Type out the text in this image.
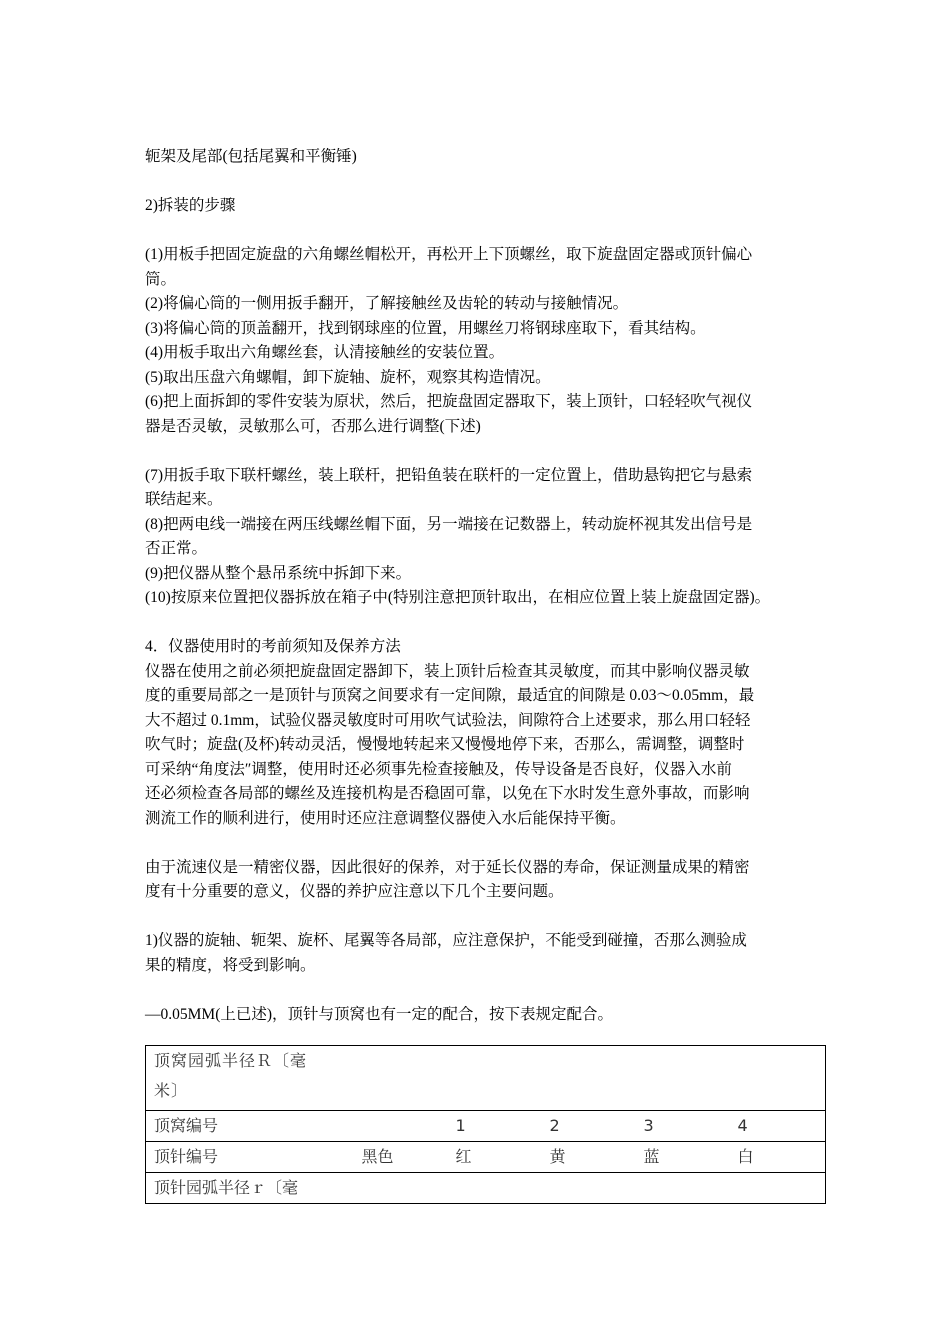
轭架及尾部(包括尾翼和平衡锤)
2)拆装的步骤
(1)用板手把固定旋盘的六角螺丝帽松开，再松开上下顶螺丝，取下旋盘固定器或顶针偏心
筒。
(2)将偏心筒的一侧用扳手翻开，了解接触丝及齿轮的转动与接触情况。
(3)将偏心筒的顶盖翻开，找到钢球座的位置，用螺丝刀将钢球座取下，看其结构。
(4)用板手取出六角螺丝套，认清接触丝的安装位置。
(5)取出压盘六角螺帽，卸下旋轴、旋杯，观察其构造情况。
(6)把上面拆卸的零件安装为原状，然后，把旋盘固定器取下，装上顶针，口轻轻吹气视仪
器是否灵敏，灵敏那么可，否那么进行调整(下述)
(7)用扳手取下联杆螺丝，装上联杆，把铅鱼装在联杆的一定位置上，借助悬钩把它与悬索
联结起来。
(8)把两电线一端接在两压线螺丝帽下面，另一端接在记数器上，转动旋杯视其发出信号是
否正常。
(9)把仪器从整个悬吊系统中拆卸下来。
(10)按原来位置把仪器拆放在箱子中(特别注意把顶针取出，在相应位置上装上旋盘固定器)。
4．仪器使用时的考前须知及保养方法
仪器在使用之前必须把旋盘固定器卸下，装上顶针后检查其灵敏度，而其中影响仪器灵敏
度的重要局部之一是顶针与顶窝之间要求有一定间隙，最适宜的间隙是 0.03～0.05mm，最
大不超过 0.1mm，试验仪器灵敏度时可用吹气试验法，间隙符合上述要求，那么用口轻轻
吹气时；旋盘(及杯)转动灵活，慢慢地转起来又慢慢地停下来，否那么，需调整，调整时
可采纳“角度法″调整，使用时还必须事先检查接触及，传导设备是否良好，仪器入水前
还必须检查各局部的螺丝及连接机构是否稳固可靠，以免在下水时发生意外事故，而影响
测流工作的顺利进行，使用时还应注意调整仪器使入水后能保持平衡。
由于流速仪是一精密仪器，因此很好的保养，对于延长仪器的寿命，保证测量成果的精密
度有十分重要的意义，仪器的养护应注意以下几个主要问题。
1)仪器的旋轴、轭架、旋杯、尾翼等各局部，应注意保护，不能受到碰撞，否那么测验成
果的精度，将受到影响。
—0.05MM(上已述)，顶针与顶窝也有一定的配合，按下表规定配合。
顶窝园弧半径Ｒ〔毫米〕					

顶窝编号		1	2	3	4
顶针编号	黑色	红	黄	蓝	白
顶针园弧半径ｒ〔毫					
